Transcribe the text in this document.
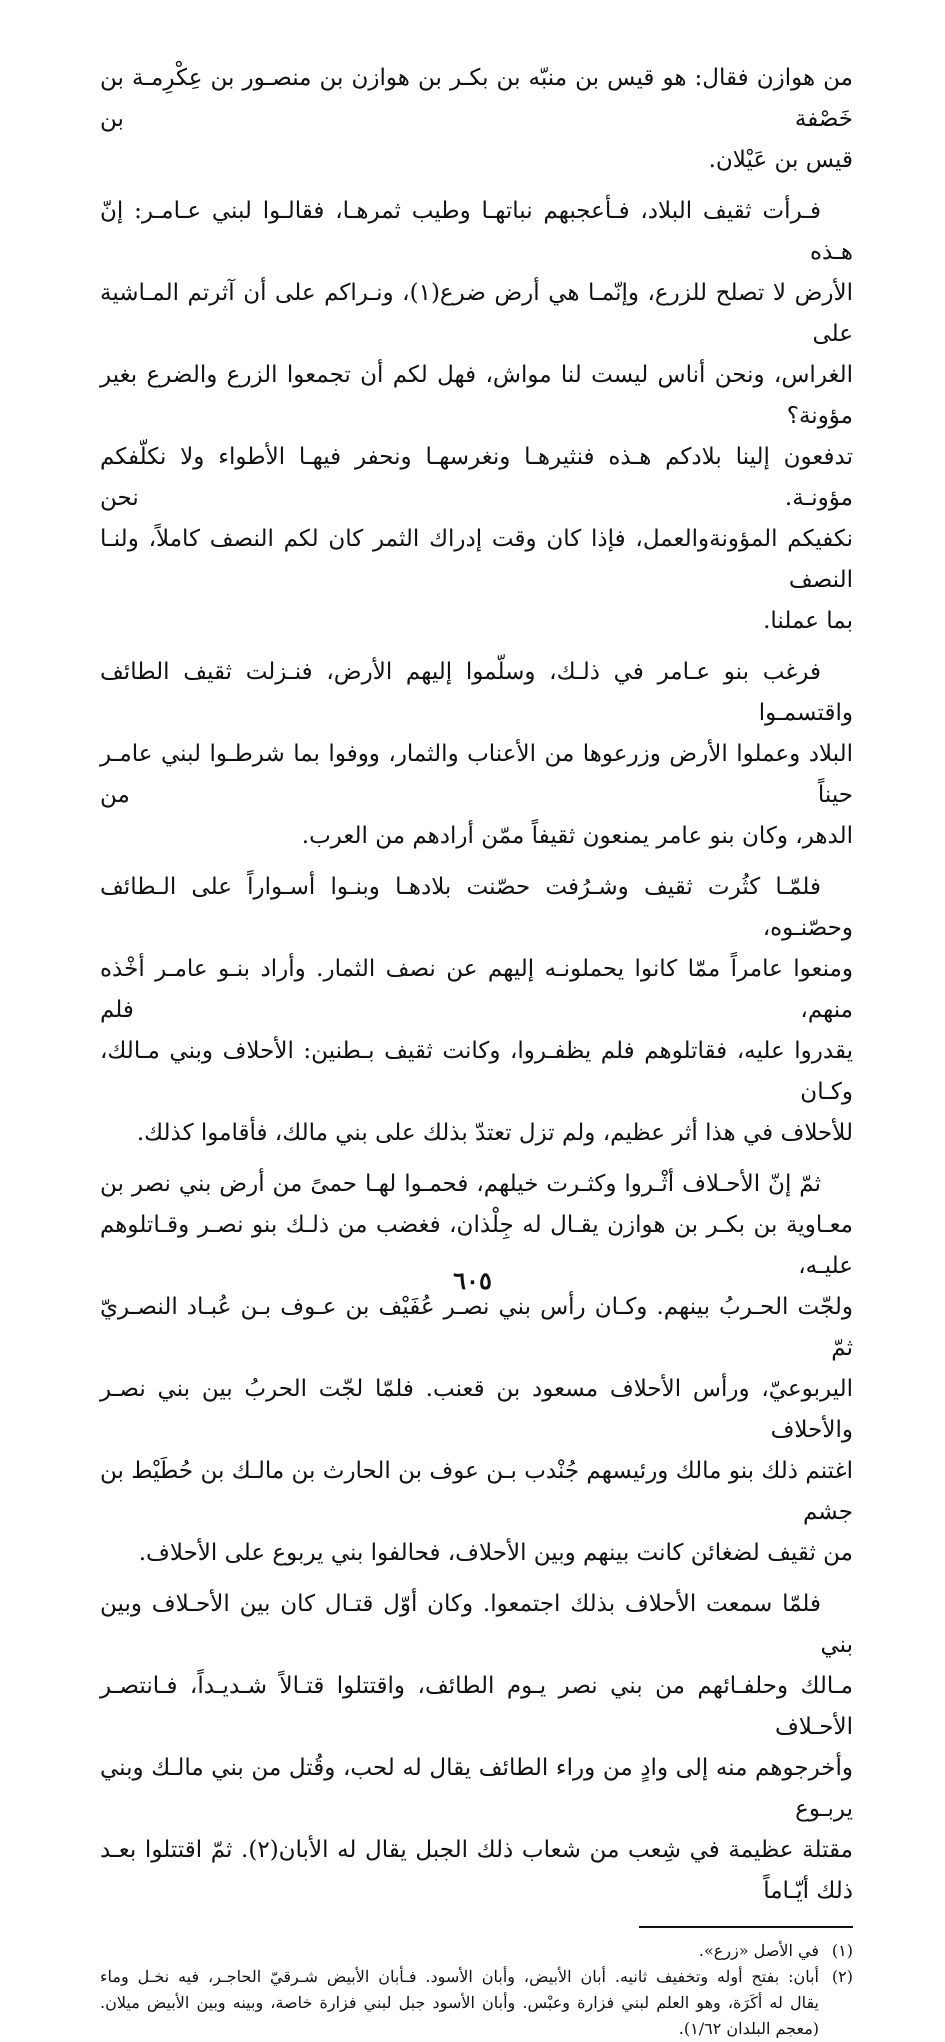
من هوازن فقال: هو قيس بن منبّه بن بكـر بن هوازن بن منصـور بن عِكْرِمـة بن خَصْفة بن
قيس بن عَيْلان.

فـرأت ثقيف البلاد، فـأعجبهم نباتهـا وطيب ثمرهـا، فقالـوا لبني عـامـر: إنّ هـذه
الأرض لا تصلح للزرع، وإنّمـا هي أرض ضرع(١)، ونـراكم على أن آثرتم المـاشية على
الغراس، ونحن أناس ليست لنا مواش، فهل لكم أن تجمعوا الزرع والضرع بغير مؤونة؟
تدفعون إلينا بلادكم هـذه فنثيرهـا ونغرسهـا ونحفر فيهـا الأطواء ولا نكلّفكم مؤونـة. نحن
نكفيكم المؤونةوالعمل، فإذا كان وقت إدراك الثمر كان لكم النصف كاملاً، ولنـا النصف
بما عملنا.

فرغب بنو عـامر في ذلـك، وسلّموا إليهم الأرض، فنـزلت ثقيف الطائف واقتسمـوا
البلاد وعملوا الأرض وزرعوها من الأعناب والثمار، ووفوا بما شرطـوا لبني عامـر حيناً من
الدهر، وكان بنو عامر يمنعون ثقيفاً ممّن أرادهم من العرب.

فلمّـا كثُرت ثقيف وشـرُفت حصّنت بلادهـا وبنـوا أسـواراً على الـطائف وحصّنـوه،
ومنعوا عامراً ممّا كانوا يحملونـه إليهم عن نصف الثمار. وأراد بنـو عامـر أخْذه منهم، فلم
يقدروا عليه، فقاتلوهم فلم يظفـروا، وكانت ثقيف بـطنين: الأحلاف وبني مـالك، وكـان
للأحلاف في هذا أثر عظيم، ولم تزل تعتدّ بذلك على بني مالك، فأقاموا كذلك.

ثمّ إنّ الأحـلاف أثْـروا وكثـرت خيلهم، فحمـوا لهـا حمىً من أرض بني نصر بن
معـاوية بن بكـر بن هوازن يقـال له جِلْذان، فغضب من ذلـك بنو نصـر وقـاتلوهم عليـه،
ولجّت الحـربُ بينهم. وكـان رأس بني نصـر عُفَيْف بن عـوف بـن عُبـاد النصـريّ ثمّ
اليربوعيّ، ورأس الأحلاف مسعود بن قعنب. فلمّا لجّت الحربُ بين بني نصـر والأحلاف
اغتنم ذلك بنو مالك ورئيسهم جُنْدب بـن عوف بن الحارث بن مالـك بن حُطَيْط بن جشم
من ثقيف لضغائن كانت بينهم وبين الأحلاف، فحالفوا بني يربوع على الأحلاف.

فلمّا سمعت الأحلاف بذلك اجتمعوا. وكان أوّل قتـال كان بين الأحـلاف وبين بني
مـالك وحلفـائهم من بني نصر يـوم الطائف، واقتتلوا قتـالاً شـديـداً، فـانتصـر الأحـلاف
وأخرجوهم منه إلى وادٍ من وراء الطائف يقال له لحب، وقُتل من بني مالـك وبني يربـوع
مقتلة عظيمة في شِعب من شعاب ذلك الجبل يقال له الأبان(٢). ثمّ اقتتلوا بعـد ذلك أيّـاماً

(١)
في الأصل «زرع».
(٢)
أبان: بفتح أوله وتخفيف ثانيه. أبان الأبيض، وأبان الأسود. فـأبان الأبيض شـرقيّ الحاجـر، فيه نخـل وماء
يقال له أكَرَة، وهو العلم لبني فزارة وعبْس. وأبان الأسود جبل لبني فزارة خاصة، وبينه وبين الأبيض ميلان.
(معجم البلدان ١/٦٢).
٦٠٥
